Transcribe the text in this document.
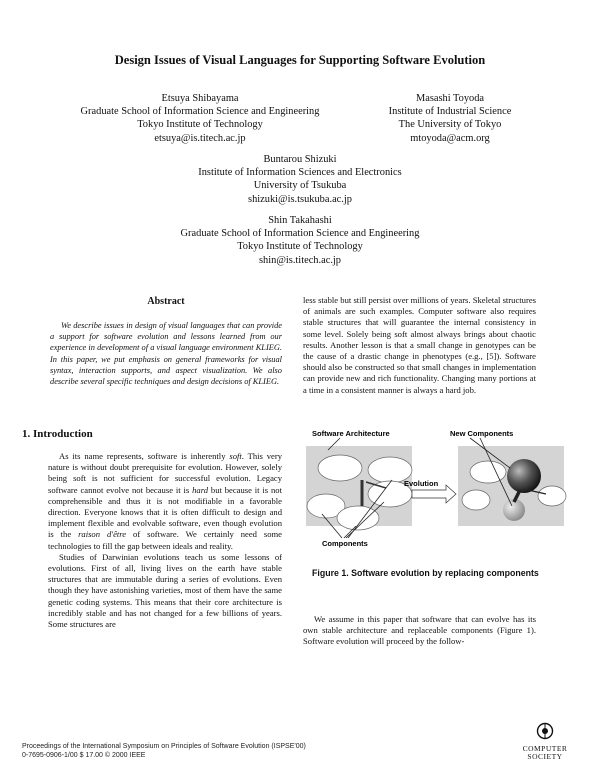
Design Issues of Visual Languages for Supporting Software Evolution
Etsuya Shibayama
Graduate School of Information Science and Engineering
Tokyo Institute of Technology
etsuya@is.titech.ac.jp
Masashi Toyoda
Institute of Industrial Science
The University of Tokyo
mtoyoda@acm.org
Buntarou Shizuki
Institute of Information Sciences and Electronics
University of Tsukuba
shizuki@is.tsukuba.ac.jp
Shin Takahashi
Graduate School of Information Science and Engineering
Tokyo Institute of Technology
shin@is.titech.ac.jp
Abstract
We describe issues in design of visual languages that can provide a support for software evolution and lessons learned from our experience in development of a visual language environment KLIEG. In this paper, we put emphasis on general frameworks for visual syntax, interaction supports, and aspect visualization. We also describe several specific techniques and design decisions of KLIEG.
1. Introduction

As its name represents, software is inherently soft. This very nature is without doubt prerequisite for evolution. However, solely being soft is not sufficient for successful evolution. Legacy software cannot evolve not because it is hard but because it is not comprehensible and thus it is not modifiable in a favorable direction. Everyone knows that it is often difficult to design and implement flexible and evolvable software, even though evolution is the raison d'être of software. We certainly need some technologies to fill the gap between ideals and reality.

Studies of Darwinian evolutions teach us some lessons of evolutions. First of all, living lives on the earth have stable structures that are immutable during a series of evolutions. Even though they have astonishing varieties, most of them have the same genetic coding systems. This means that their core architecture is incredibly stable and has not changed for a few billions of years. Some structures are

less stable but still persist over millions of years. Skeletal structures of animals are such examples. Computer software also requires stable structures that will guarantee the internal consistency in some level. Solely being soft almost always brings about chaotic results. Another lesson is that a small change in genotypes can be the cause of a drastic change in phenotypes (e.g., [5]). Software should also be constructed so that small changes in implementation can provide new and rich functionality. Changing many portions at a time in a consistent manner is always a hard job.

Software Architecture	New Components
Evolution
Components
Figure 1. Software evolution by replacing components

We assume in this paper that software that can evolve has its own stable architecture and replaceable components (Figure 1). Software evolution will proceed by the follow-

Proceedings of the International Symposium on Principles of Software Evolution (ISPSE'00)
0-7695-0906-1/00 $ 17.00 © 2000 IEEE
COMPUTER
SOCIETY
